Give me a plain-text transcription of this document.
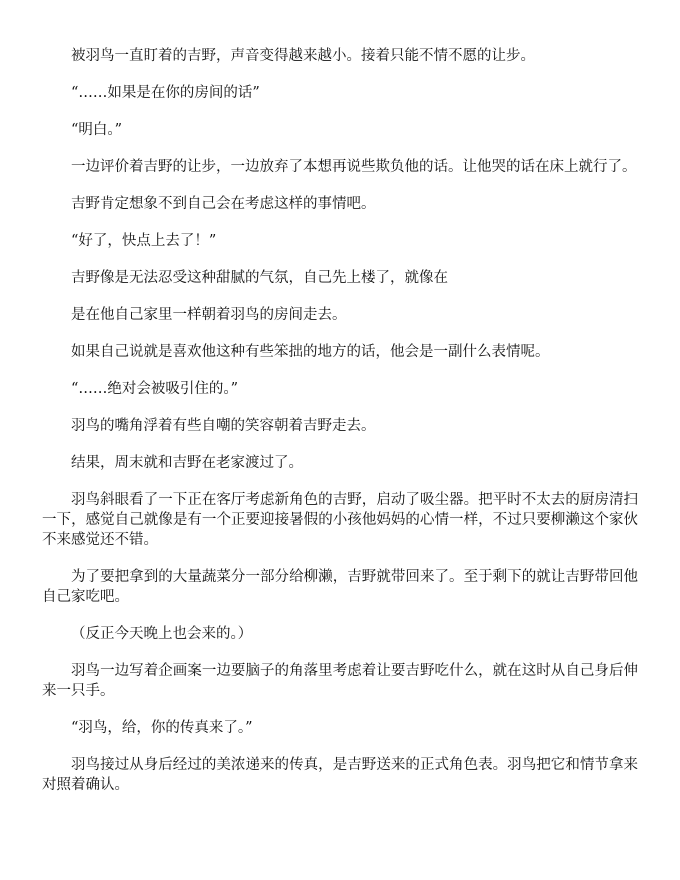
被羽鸟一直盯着的吉野，声音变得越来越小。接着只能不情不愿的让步。

“……如果是在你的房间的话”

“明白。”

一边评价着吉野的让步，一边放弃了本想再说些欺负他的话。让他哭的话在床上就行了。

吉野肯定想象不到自己会在考虑这样的事情吧。

“好了，快点上去了！”

吉野像是无法忍受这种甜腻的气氛，自己先上楼了，就像在

是在他自己家里一样朝着羽鸟的房间走去。

如果自己说就是喜欢他这种有些笨拙的地方的话，他会是一副什么表情呢。

“……绝对会被吸引住的。”

羽鸟的嘴角浮着有些自嘲的笑容朝着吉野走去。

结果，周末就和吉野在老家渡过了。

羽鸟斜眼看了一下正在客厅考虑新角色的吉野，启动了吸尘器。把平时不太去的厨房清扫一下，感觉自己就像是有一个正要迎接暑假的小孩他妈妈的心情一样，不过只要柳濑这个家伙不来感觉还不错。

为了要把拿到的大量蔬菜分一部分给柳濑，吉野就带回来了。至于剩下的就让吉野带回他自己家吃吧。

（反正今天晚上也会来的。）

羽鸟一边写着企画案一边要脑子的角落里考虑着让要吉野吃什么，就在这时从自己身后伸来一只手。

“羽鸟，给，你的传真来了。”

羽鸟接过从身后经过的美浓递来的传真，是吉野送来的正式角色表。羽鸟把它和情节拿来对照着确认。
